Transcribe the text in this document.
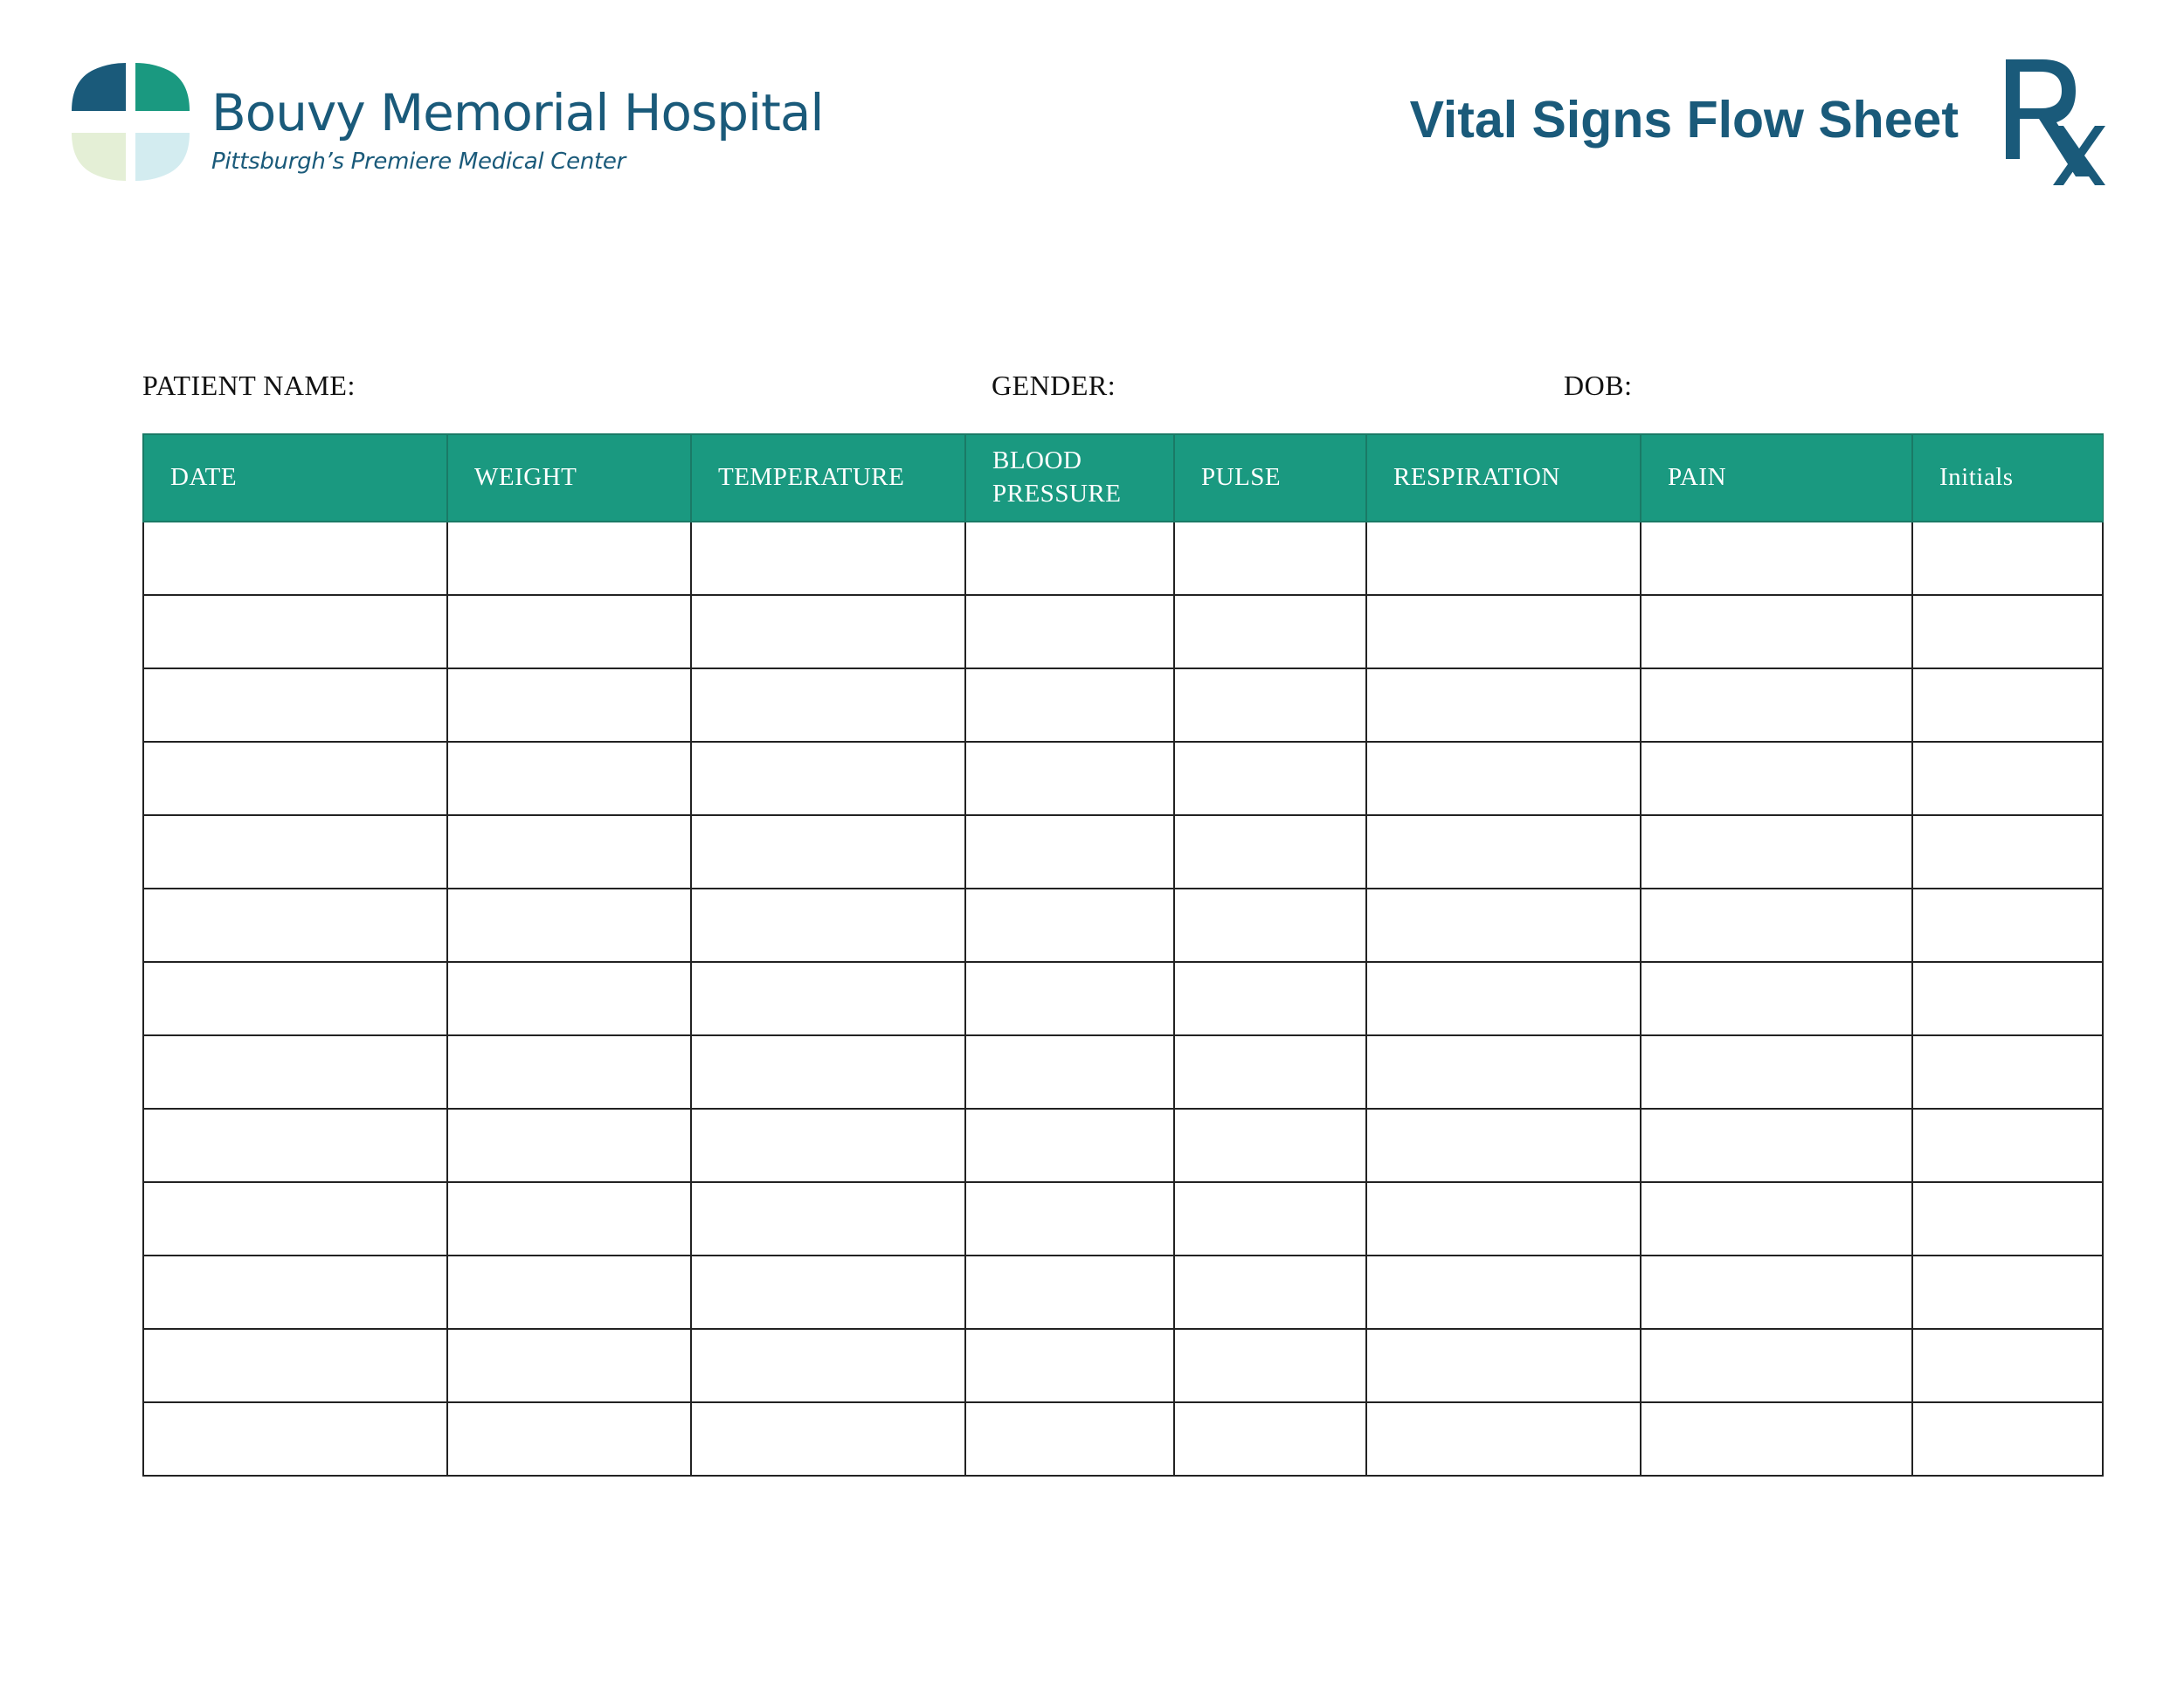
Bouvy Memorial Hospital
Pittsburgh’s Premiere Medical Center
Vital Signs Flow Sheet
PATIENT NAME:	GENDER:	DOB:
DATE	WEIGHT	TEMPERATURE	BLOOD PRESSURE	PULSE	RESPIRATION	PAIN	Initials
